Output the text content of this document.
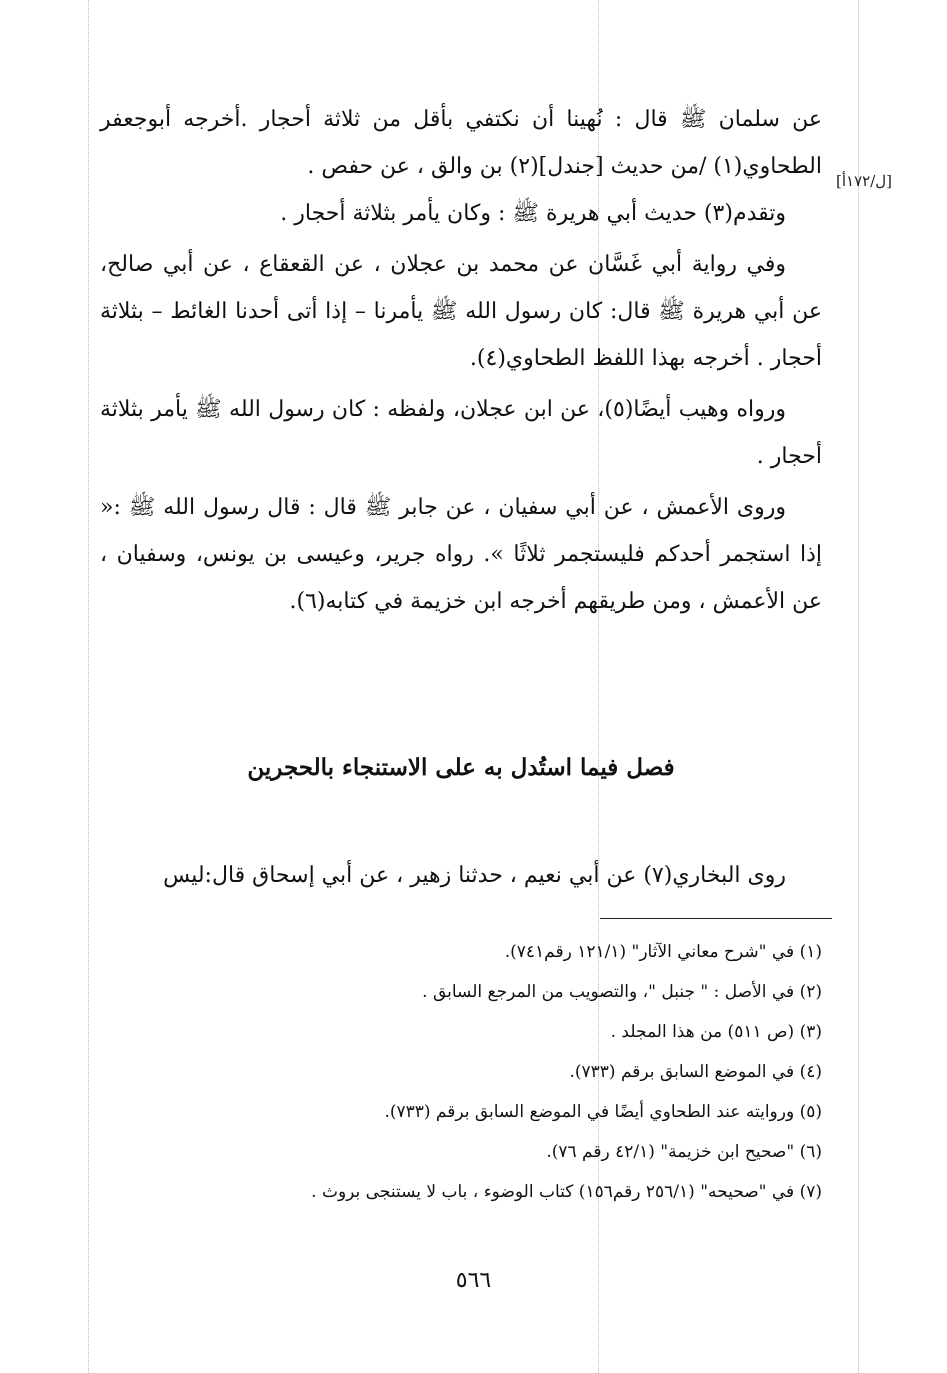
[ل/١٧٢أ]

عن سلمان ﷺ قال : نُهينا أن نكتفي بأقل من ثلاثة أحجار .أخرجه أبوجعفر الطحاوي(١) /من حديث [جندل](٢) بن والق ، عن حفص .

وتقدم(٣) حديث أبي هريرة ﷺ : وكان يأمر بثلاثة أحجار .

وفي رواية أبي غَسَّان عن محمد بن عجلان ، عن القعقاع ، عن أبي صالح، عن أبي هريرة ﷺ قال: كان رسول الله ﷺ يأمرنا – إذا أتى أحدنا الغائط – بثلاثة أحجار . أخرجه بهذا اللفظ الطحاوي(٤).

ورواه وهيب أيضًا(٥)، عن ابن عجلان، ولفظه : كان رسول الله ﷺ يأمر بثلاثة أحجار .

وروى الأعمش ، عن أبي سفيان ، عن جابر ﷺ قال : قال رسول الله ﷺ :« إذا استجمر أحدكم فليستجمر ثلاثًا ». رواه جرير، وعيسى بن يونس، وسفيان ، عن الأعمش ، ومن طريقهم أخرجه ابن خزيمة في كتابه(٦).

فصل فيما استُدل به على الاستنجاء بالحجرين

روى البخاري(٧) عن أبي نعيم ، حدثنا زهير ، عن أبي إسحاق قال:ليس

(١) في "شرح معاني الآثار" (١٢١/١ رقم٧٤١).

(٢) في الأصل : " جنبل "، والتصويب من المرجع السابق .

(٣) (ص ٥١١) من هذا المجلد .

(٤) في الموضع السابق برقم (٧٣٣).

(٥) وروايته عند الطحاوي أيضًا في الموضع السابق برقم (٧٣٣).

(٦) "صحيح ابن خزيمة" (٤٢/١ رقم ٧٦).

(٧) في "صحيحه" (٢٥٦/١ رقم١٥٦) كتاب الوضوء ، باب لا يستنجى بروث .

٥٦٦
